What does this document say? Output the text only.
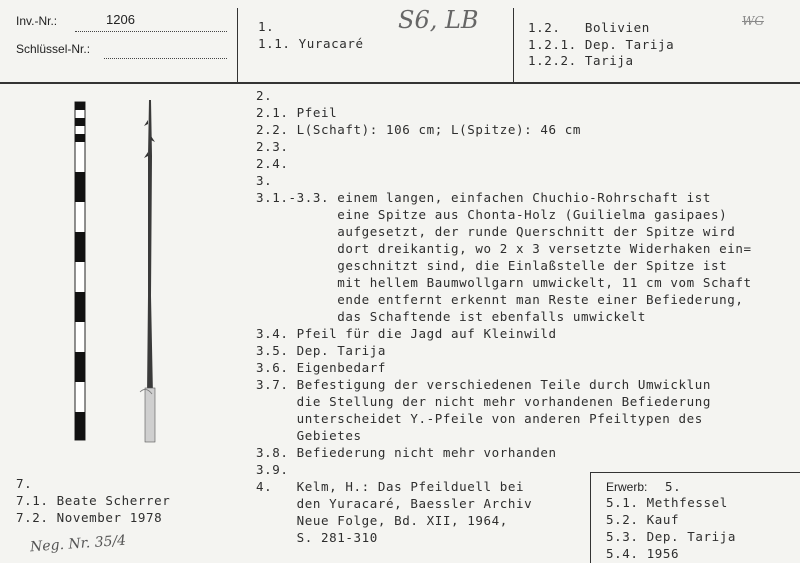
Inv.-Nr.:	1206
Schlüssel-Nr.:
1.
1.1. Yuracaré
S6, LB	1.2. Bolivien
1.2.1. Dep. Tarija
1.2.2. Tarija
WG
2.
2.1. Pfeil
2.2. L(Schaft): 106 cm; L(Spitze): 46 cm
2.3.
2.4.
3.
3.1.-3.3. einem langen, einfachen Chuchio-Rohrschaft ist
eine Spitze aus Chonta-Holz (Guilielma gasipaes)
aufgesetzt, der runde Querschnitt der Spitze wird
dort dreikantig, wo 2 x 3 versetzte Widerhaken ein=
geschnitzt sind, die Einlaßstelle der Spitze ist
mit hellem Baumwollgarn umwickelt, 11 cm vom Schaft
ende entfernt erkennt man Reste einer Befiederung,
das Schaftende ist ebenfalls umwickelt
3.4. Pfeil für die Jagd auf Kleinwild
3.5. Dep. Tarija
3.6. Eigenbedarf
3.7. Befestigung der verschiedenen Teile durch Umwicklun
die Stellung der nicht mehr vorhandenen Befiederung
unterscheidet Y.-Pfeile von anderen Pfeiltypen des
Gebietes
3.8. Befiederung nicht mehr vorhanden
3.9.
4.   Kelm, H.: Das Pfeilduell bei
den Yuracaré, Baessler Archiv
Neue Folge, Bd. XII, 1964,
S. 281-310
7.
7.1. Beate Scherrer
7.2. November 1978
Erwerb: 5.
5.1. Methfessel
5.2. Kauf
5.3. Dep. Tarija
5.4. 1956
Neg. Nr. 35/4
